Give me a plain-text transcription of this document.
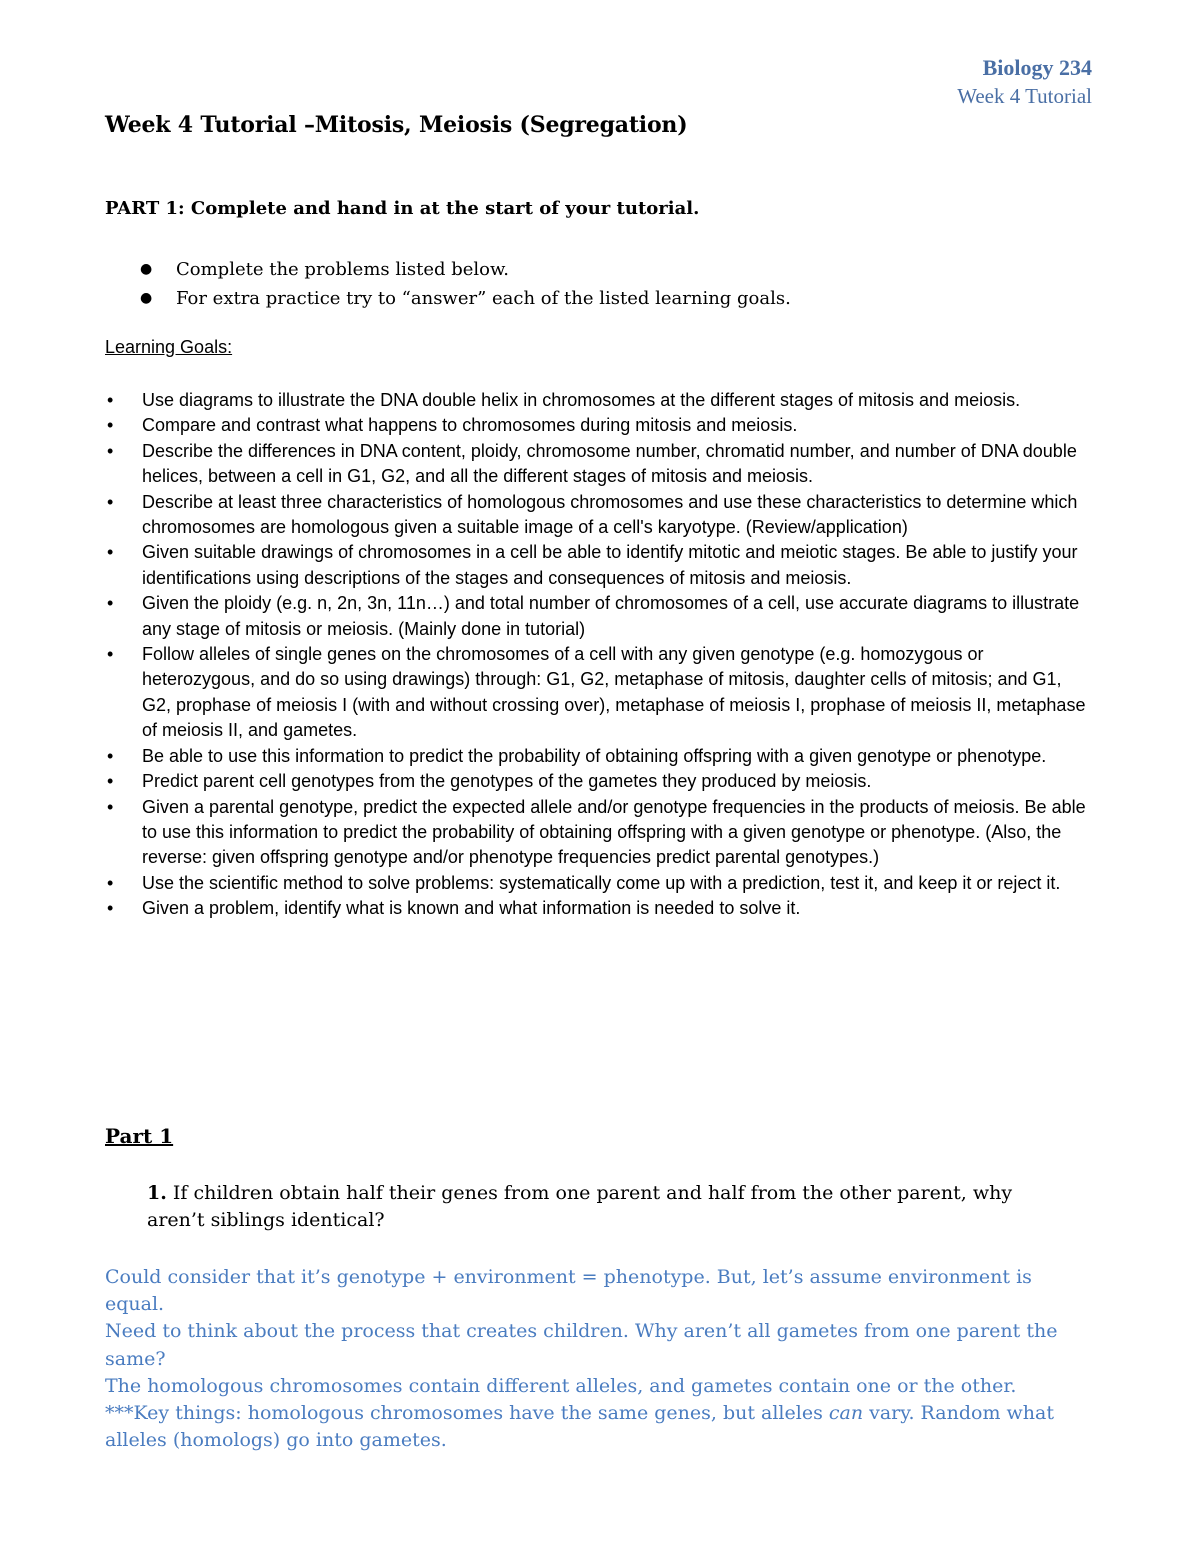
Biology 234
Week 4 Tutorial
Week 4 Tutorial –Mitosis, Meiosis (Segregation)

PART 1: Complete and hand in at the start of your tutorial.

● Complete the problems listed below.
● For extra practice try to “answer” each of the listed learning goals.
Learning Goals:
• Use diagrams to illustrate the DNA double helix in chromosomes at the different stages of mitosis and meiosis.
• Compare and contrast what happens to chromosomes during mitosis and meiosis.
• Describe the differences in DNA content, ploidy, chromosome number, chromatid number, and number of DNA double helices, between a cell in G1, G2, and all the different stages of mitosis and meiosis.
• Describe at least three characteristics of homologous chromosomes and use these characteristics to determine which chromosomes are homologous given a suitable image of a cell's karyotype. (Review/application)
• Given suitable drawings of chromosomes in a cell be able to identify mitotic and meiotic stages. Be able to justify your identifications using descriptions of the stages and consequences of mitosis and meiosis.
• Given the ploidy (e.g. n, 2n, 3n, 11n…) and total number of chromosomes of a cell, use accurate diagrams to illustrate any stage of mitosis or meiosis. (Mainly done in tutorial)
• Follow alleles of single genes on the chromosomes of a cell with any given genotype (e.g. homozygous or heterozygous, and do so using drawings) through: G1, G2, metaphase of mitosis, daughter cells of mitosis; and G1, G2, prophase of meiosis I (with and without crossing over), metaphase of meiosis I, prophase of meiosis II, metaphase of meiosis II, and gametes.
• Be able to use this information to predict the probability of obtaining offspring with a given genotype or phenotype.
• Predict parent cell genotypes from the genotypes of the gametes they produced by meiosis.
• Given a parental genotype, predict the expected allele and/or genotype frequencies in the products of meiosis. Be able to use this information to predict the probability of obtaining offspring with a given genotype or phenotype. (Also, the reverse: given offspring genotype and/or phenotype frequencies predict parental genotypes.)
• Use the scientific method to solve problems: systematically come up with a prediction, test it, and keep it or reject it.
• Given a problem, identify what is known and what information is needed to solve it.
Part 1

1. If children obtain half their genes from one parent and half from the other parent, why aren’t siblings identical?

Could consider that it’s genotype + environment = phenotype. But, let’s assume environment is equal.

Need to think about the process that creates children. Why aren’t all gametes from one parent the same?

The homologous chromosomes contain different alleles, and gametes contain one or the other.

***Key things: homologous chromosomes have the same genes, but alleles can vary. Random what alleles (homologs) go into gametes.
